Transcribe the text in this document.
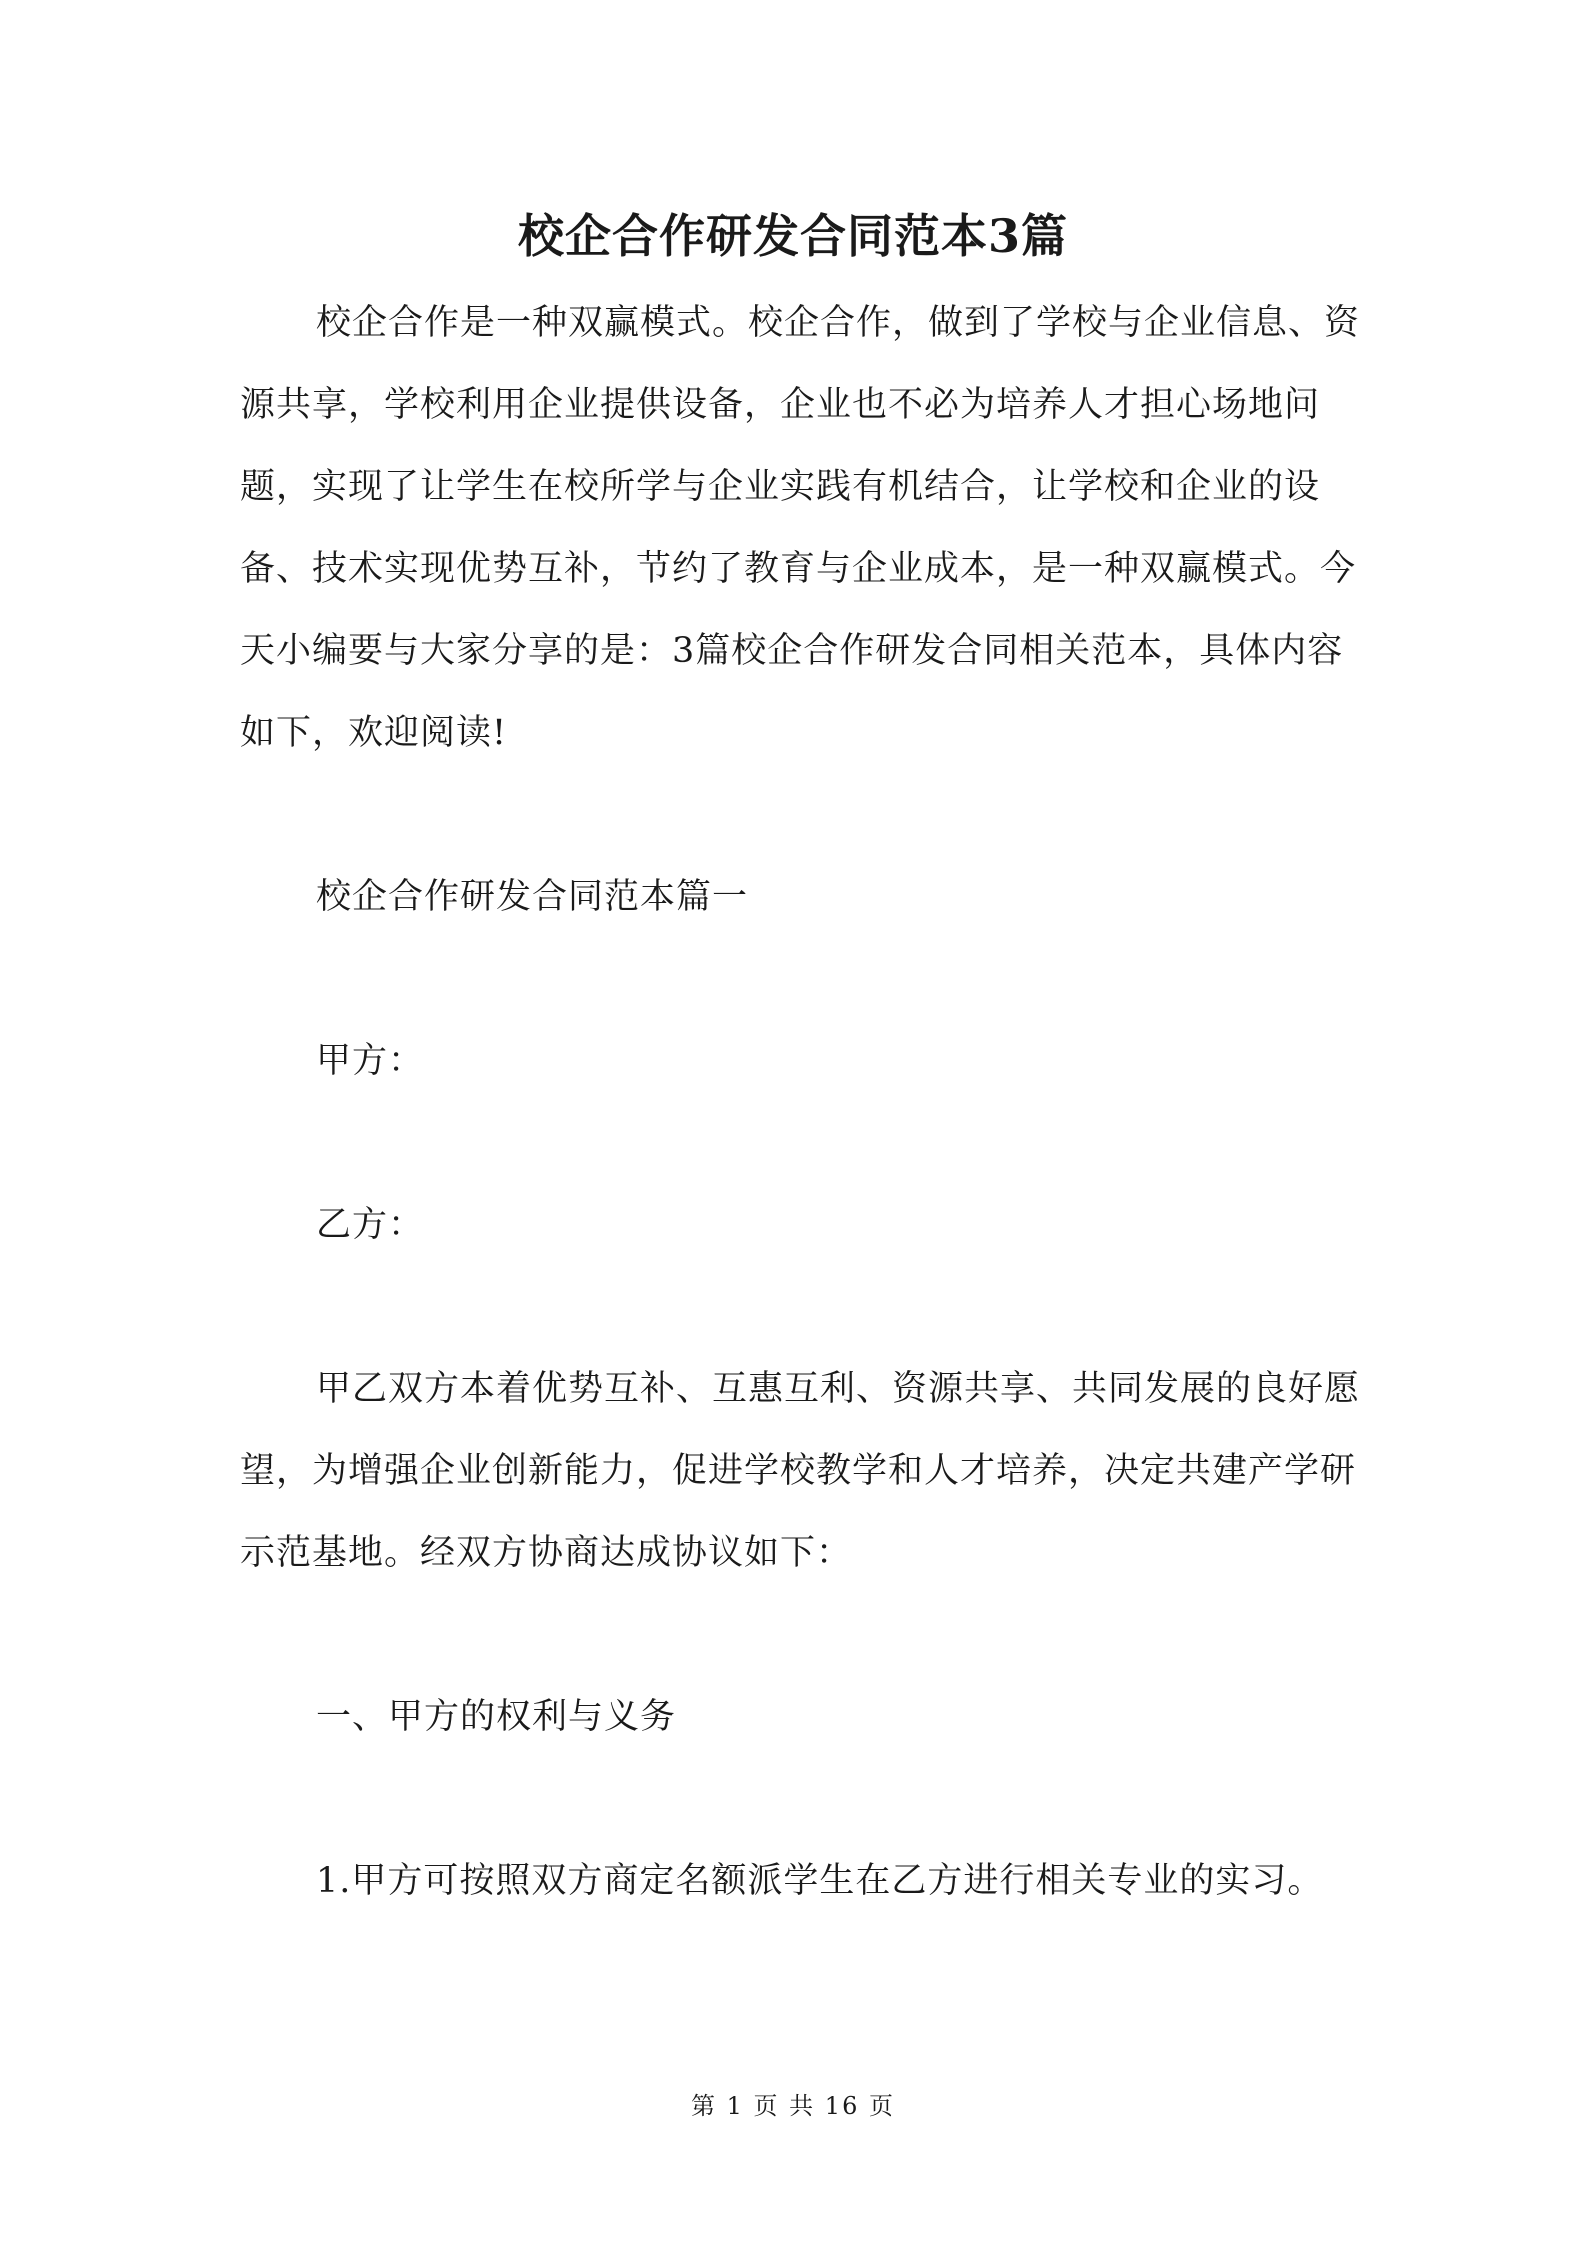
校企合作研发合同范本3篇

校企合作是一种双赢模式。校企合作，做到了学校与企业信息、资源共享，学校利用企业提供设备，企业也不必为培养人才担心场地问题，实现了让学生在校所学与企业实践有机结合，让学校和企业的设备、技术实现优势互补，节约了教育与企业成本，是一种双赢模式。今天小编要与大家分享的是：3篇校企合作研发合同相关范本，具体内容如下，欢迎阅读!

校企合作研发合同范本篇一

甲方：

乙方：

甲乙双方本着优势互补、互惠互利、资源共享、共同发展的良好愿望，为增强企业创新能力，促进学校教学和人才培养，决定共建产学研示范基地。经双方协商达成协议如下：

一、甲方的权利与义务

1.甲方可按照双方商定名额派学生在乙方进行相关专业的实习。

第 1 页 共 16 页
